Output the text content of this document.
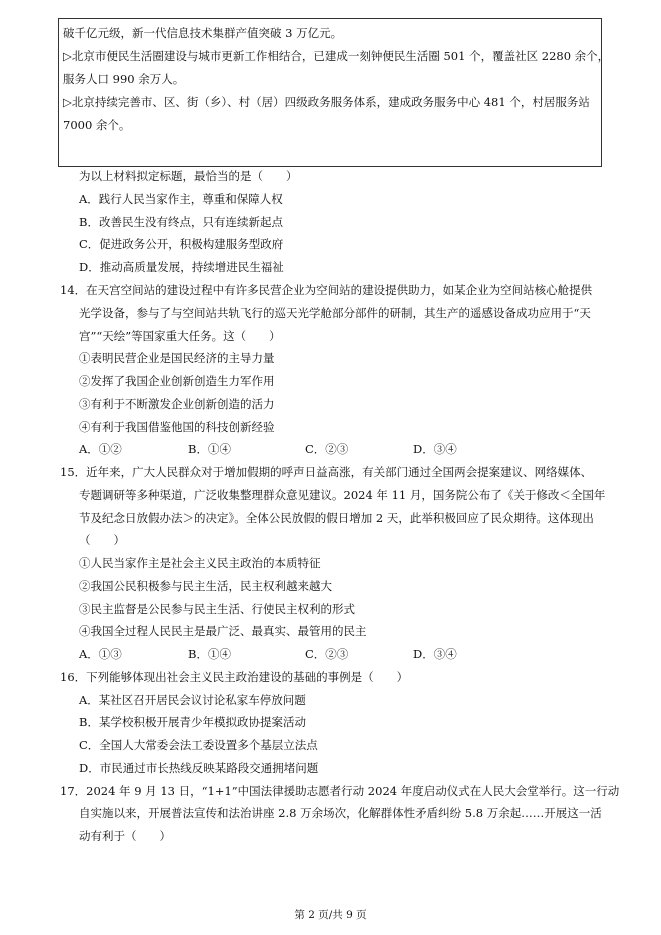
破千亿元级，新一代信息技术集群产值突破 3 万亿元。
▷北京市便民生活圈建设与城市更新工作相结合，已建成一刻钟便民生活圈 501 个，覆盖社区 2280 余个，
服务人口 990 余万人。
▷北京持续完善市、区、街（乡）、村（居）四级政务服务体系，建成政务服务中心 481 个，村居服务站
7000 余个。
为以上材料拟定标题，最恰当的是（　　）
A．践行人民当家作主，尊重和保障人权
B．改善民生没有终点，只有连续新起点
C．促进政务公开，积极构建服务型政府
D．推动高质量发展，持续增进民生福祉
14．在天宫空间站的建设过程中有许多民营企业为空间站的建设提供助力，如某企业为空间站核心舱提供
光学设备，参与了与空间站共轨飞行的巡天光学舱部分部件的研制，其生产的遥感设备成功应用于“天
宫”“天绘”等国家重大任务。这（　　）
①表明民营企业是国民经济的主导力量
②发挥了我国企业创新创造生力军作用
③有利于不断激发企业创新创造的活力
④有利于我国借鉴他国的科技创新经验
A．①②	B．①④	C．②③	D．③④
15．近年来，广大人民群众对于增加假期的呼声日益高涨，有关部门通过全国两会提案建议、网络媒体、
专题调研等多种渠道，广泛收集整理群众意见建议。2024 年 11 月，国务院公布了《关于修改＜全国年
节及纪念日放假办法＞的决定》。全体公民放假的假日增加 2 天，此举积极回应了民众期待。这体现出
（　　）
①人民当家作主是社会主义民主政治的本质特征
②我国公民积极参与民主生活，民主权利越来越大
③民主监督是公民参与民主生活、行使民主权利的形式
④我国全过程人民民主是最广泛、最真实、最管用的民主
A．①③	B．①④	C．②③	D．③④
16．下列能够体现出社会主义民主政治建设的基础的事例是（　　）
A．某社区召开居民会议讨论私家车停放问题
B．某学校积极开展青少年模拟政协提案活动
C．全国人大常委会法工委设置多个基层立法点
D．市民通过市长热线反映某路段交通拥堵问题
17．2024 年 9 月 13 日，“1+1”中国法律援助志愿者行动 2024 年度启动仪式在人民大会堂举行。这一行动
自实施以来，开展普法宣传和法治讲座 2.8 万余场次，化解群体性矛盾纠纷 5.8 万余起……开展这一活
动有利于（　　）
第 2 页/共 9 页
